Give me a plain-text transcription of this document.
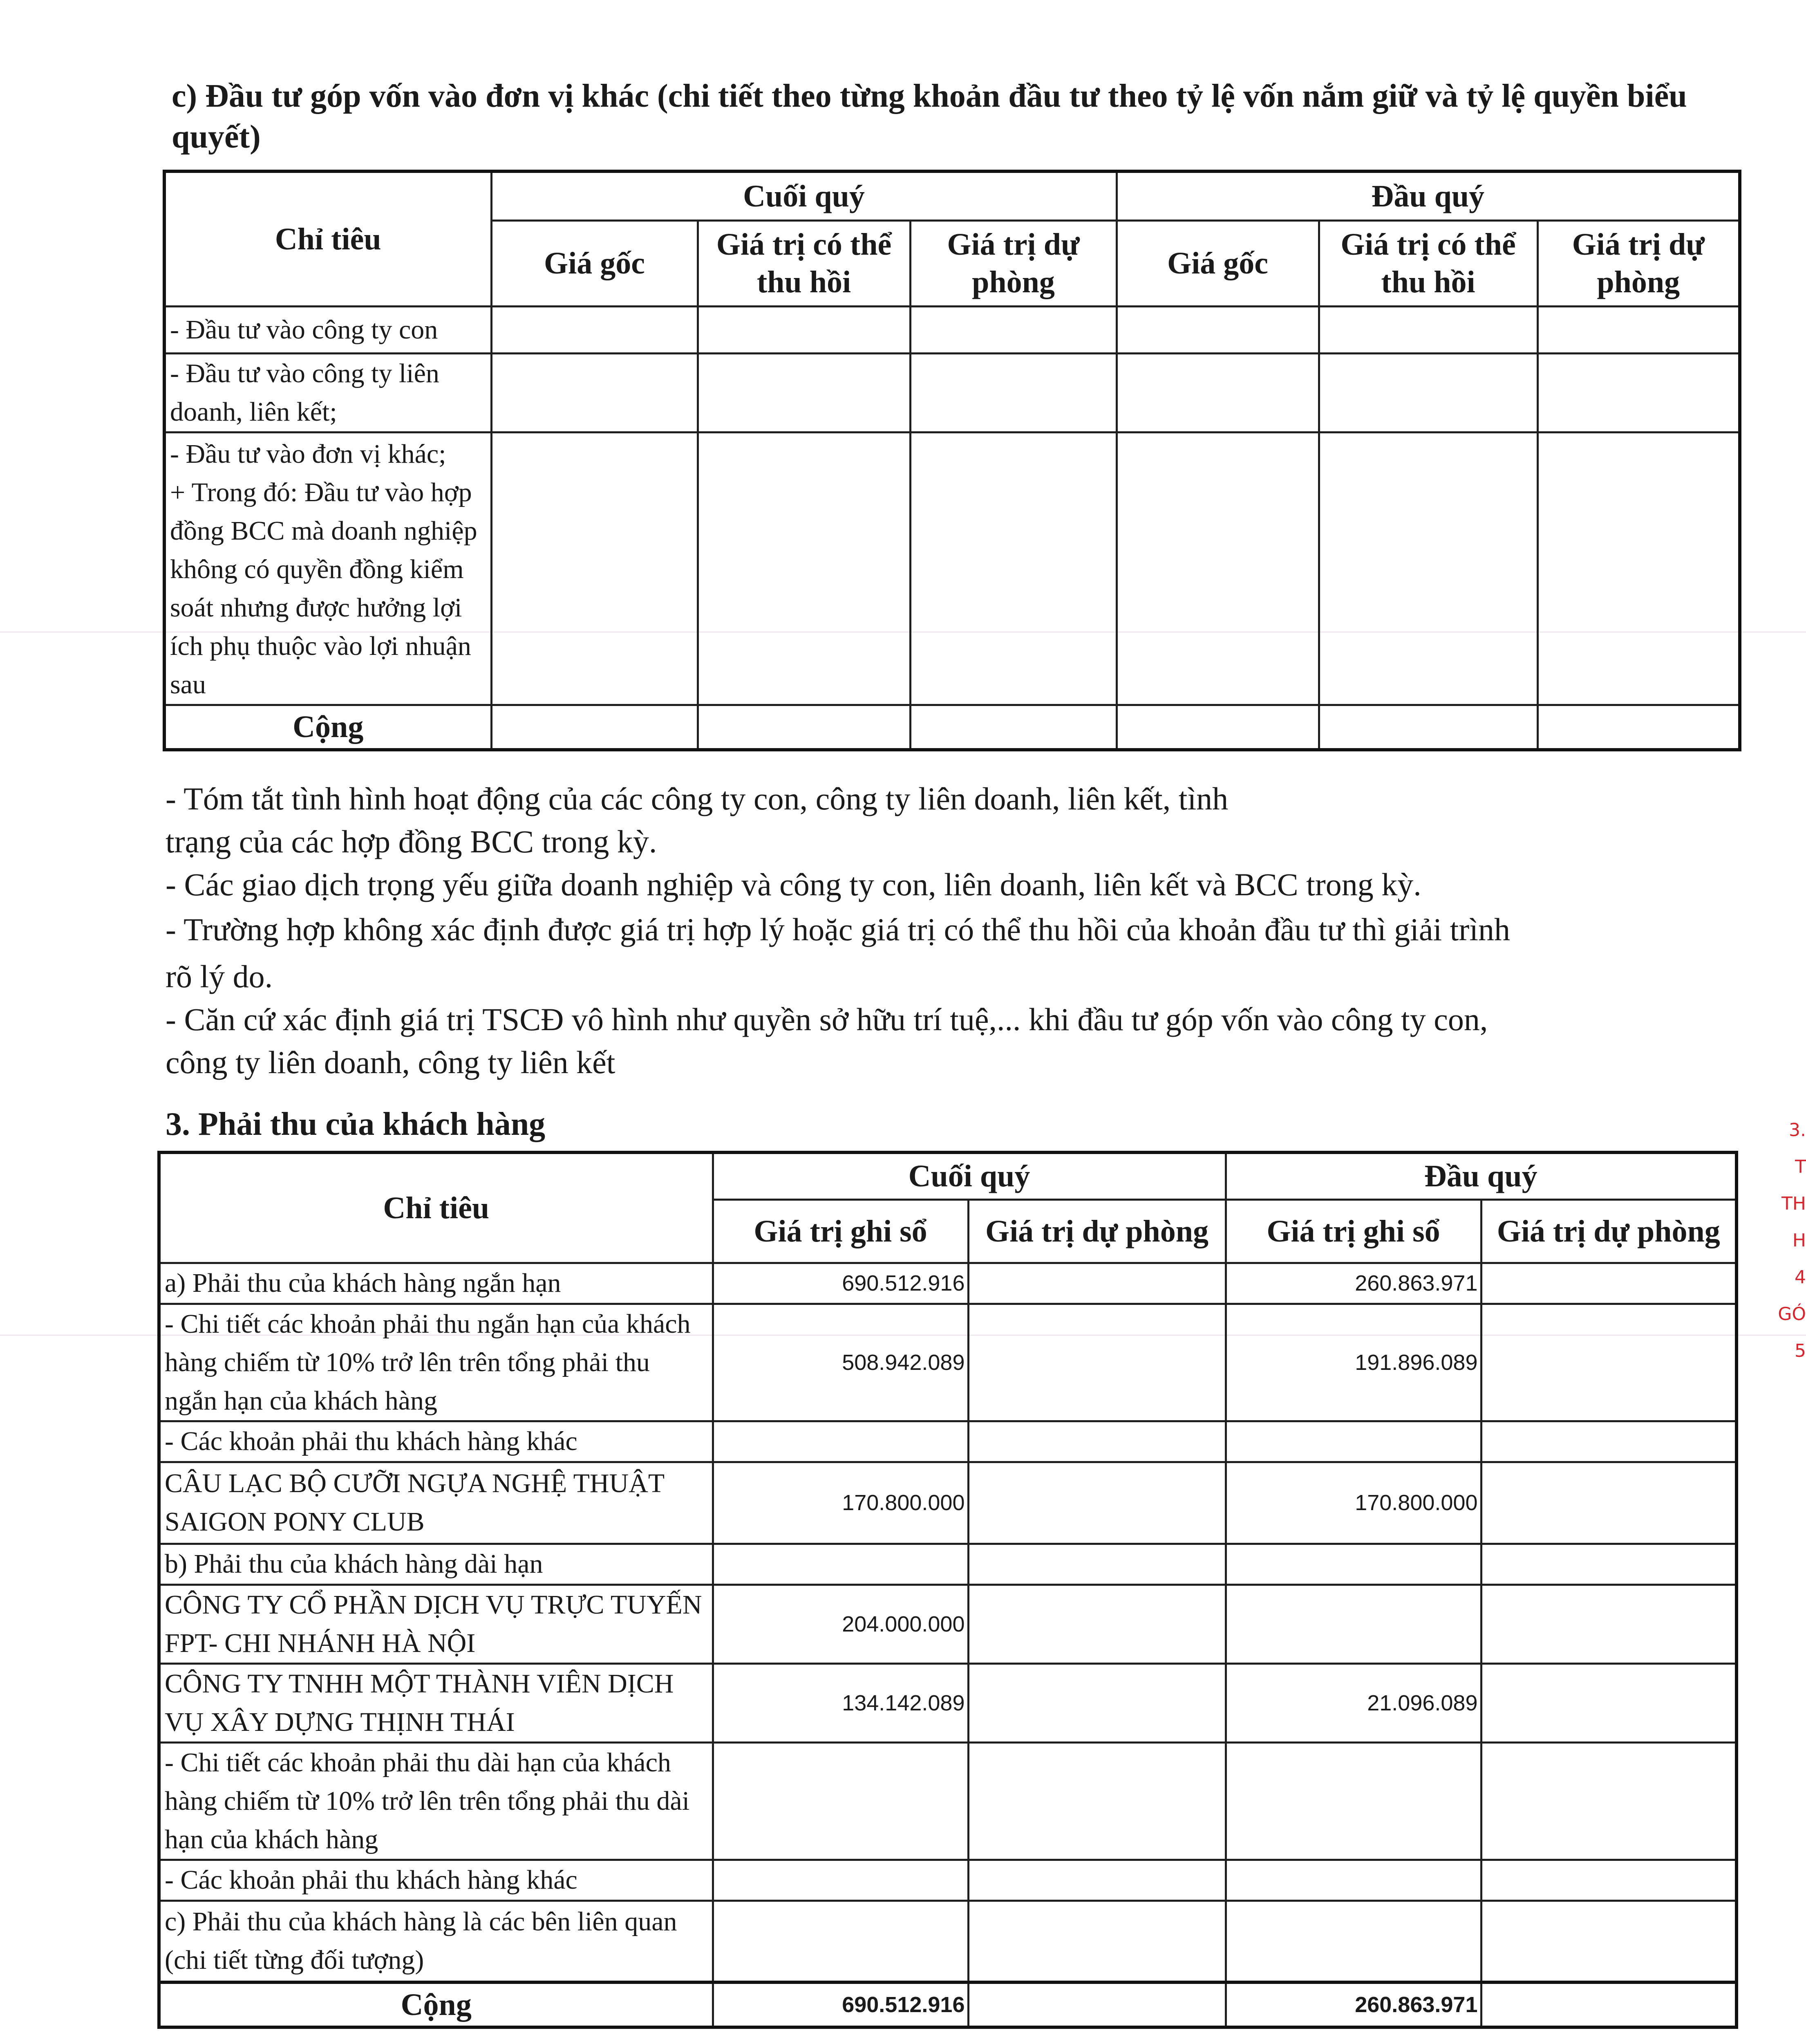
c) Đầu tư góp vốn vào đơn vị khác (chi tiết theo từng khoản đầu tư theo tỷ lệ vốn nắm giữ và tỷ lệ quyền biểu quyết)

Chỉ tiêu	Cuối quý			Đầu quý		
	Giá gốc	Giá trị có thể thu hồi	Giá trị dự phòng	Giá gốc	Giá trị có thể thu hồi	Giá trị dự phòng
- Đầu tư vào công ty con						
- Đầu tư vào công ty liên doanh, liên kết;						

- Đầu tư vào đơn vị khác;
+ Trong đó: Đầu tư vào hợp đồng BCC mà doanh nghiệp không có quyền đồng kiểm soát nhưng được hưởng lợi ích phụ thuộc vào lợi nhuận sau						

Cộng						

- Tóm tắt tình hình hoạt động của các công ty con, công ty liên doanh, liên kết, tình

trạng của các hợp đồng BCC trong kỳ.

- Các giao dịch trọng yếu giữa doanh nghiệp và công ty con, liên doanh, liên kết và BCC trong kỳ.

- Trường hợp không xác định được giá trị hợp lý hoặc giá trị có thể thu hồi của khoản đầu tư thì giải trình

rõ lý do.

- Căn cứ xác định giá trị TSCĐ vô hình như quyền sở hữu trí tuệ,... khi đầu tư góp vốn vào công ty con,

công ty liên doanh, công ty liên kết

3. Phải thu của khách hàng

Chỉ tiêu	Cuối quý		Đầu quý	
	Giá trị ghi sổ	Giá trị dự phòng	Giá trị ghi sổ	Giá trị dự phòng
a) Phải thu của khách hàng ngắn hạn	690.512.916		260.863.971	
- Chi tiết các khoản phải thu ngắn hạn của khách hàng chiếm từ 10% trở lên trên tổng phải thu ngắn hạn của khách hàng	508.942.089		191.896.089	
- Các khoản phải thu khách hàng khác				
CÂU LẠC BỘ CƯỠI NGỰA NGHỆ THUẬT SAIGON PONY CLUB	170.800.000		170.800.000	
b) Phải thu của khách hàng dài hạn				
CÔNG TY CỔ PHẦN DỊCH VỤ TRỰC TUYẾN FPT- CHI NHÁNH HÀ NỘI	204.000.000			
CÔNG TY TNHH MỘT THÀNH VIÊN DỊCH VỤ XÂY DỰNG THỊNH THÁI	134.142.089		21.096.089	
- Chi tiết các khoản phải thu dài hạn của khách hàng chiếm từ 10% trở lên trên tổng phải thu dài hạn của khách hàng				
- Các khoản phải thu khách hàng khác				
c) Phải thu của khách hàng là các bên liên quan (chi tiết từng đối tượng)				
Cộng	690.512.916		260.863.971	

3.
T
TH
H
4
GÓ
5
